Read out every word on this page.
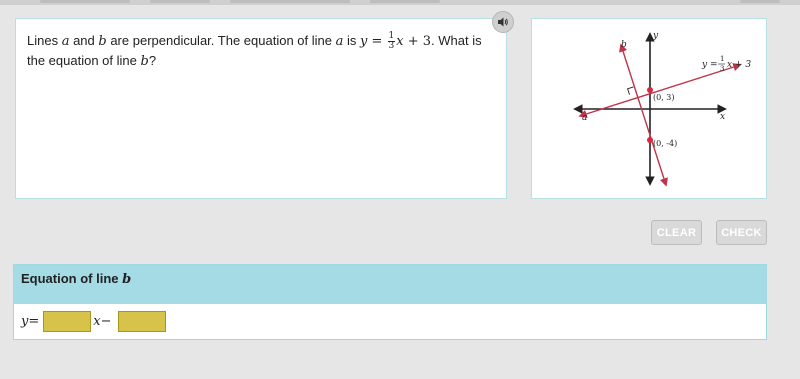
Lines a and b are perpendicular. The equation of line a is $y = \frac{1}{3}$ x + 3. What is the equation of line b?
y
x
b
a
(0, 3)
(0, -4)
y =
1
3 x + 3
CLEAR	CHECK
Equation of line b
y =	x −
